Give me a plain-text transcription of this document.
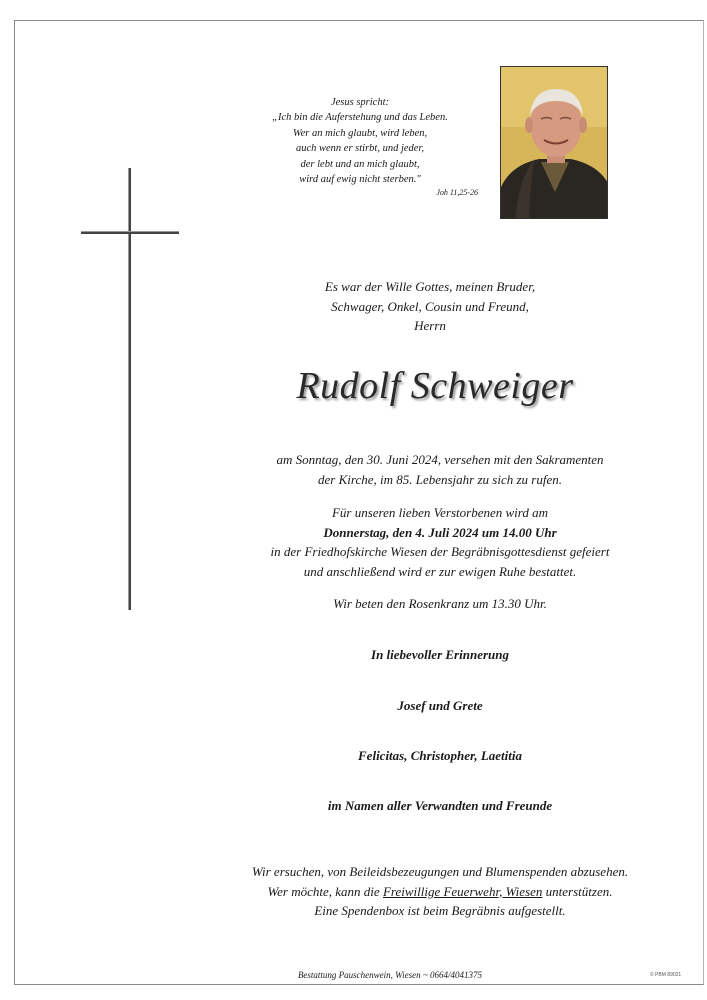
Jesus spricht:
„Ich bin die Auferstehung und das Leben.
Wer an mich glaubt, wird leben,
auch wenn er stirbt, und jeder,
der lebt und an mich glaubt,
wird auf ewig nicht sterben."
Joh 11,25-26
Es war der Wille Gottes, meinen Bruder,
Schwager, Onkel, Cousin und Freund,
Herrn
Rudolf Schweiger
am Sonntag, den 30. Juni 2024, versehen mit den Sakramenten
der Kirche, im 85. Lebensjahr zu sich zu rufen.
Für unseren lieben Verstorbenen wird am
Donnerstag, den 4. Juli 2024 um 14.00 Uhr
in der Friedhofskirche Wiesen der Begräbnisgottesdienst gefeiert
und anschließend wird er zur ewigen Ruhe bestattet.
Wir beten den Rosenkranz um 13.30 Uhr.
In liebevoller Erinnerung
Josef und Grete
Felicitas, Christopher, Laetitia
im Namen aller Verwandten und Freunde
Wir ersuchen, von Beileidsbezeugungen und Blumenspenden abzusehen.
Wer möchte, kann die Freiwillige Feuerwehr, Wiesen unterstützen.
Eine Spendenbox ist beim Begräbnis aufgestellt.
Bestattung Pauschenwein, Wiesen ~ 0664/4041375	© PBM 89021
